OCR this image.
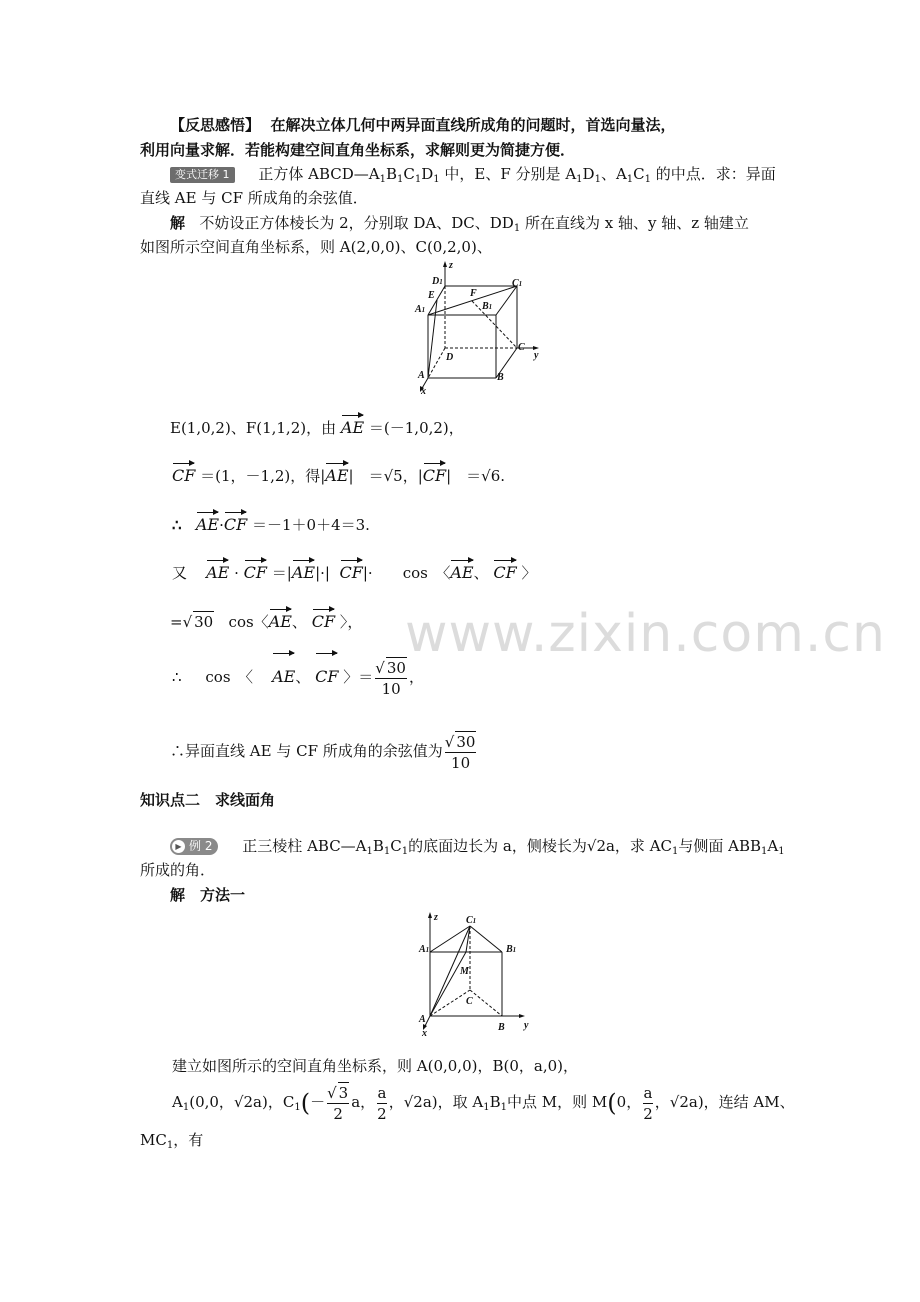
www.zixin.com.cn
【反思感悟】 在解决立体几何中两异面直线所成角的问题时，首选向量法，
利用向量求解．若能构建空间直角坐标系，求解则更为简捷方便．
变式迁移 1 正方体 $ABCD—A_1B_1C_1D_1$ 中，E、F 分别是 $A_1D_1$、$A_1C_1$ 的中点．求：异面
直线 AE 与 CF 所成角的余弦值．
解 不妨设正方体棱长为 2，分别取 DA、DC、$DD_1$ 所在直线为 x 轴、y 轴、z 轴建立
如图所示空间直角坐标系，则 A(2,0,0)、C(0,2,0)、
z
y
x
D1
E
A1
F
B1
C1
D
C
A	B
E(1,0,2)、F(1,1,2)，由 AE ＝(－1,0,2)，
CF ＝(1，－1,2)，得|AE|　＝√5，|CF|　＝√6.
∴ AE·CF ＝－1＋0＋4＝3.
又 AE · CF ＝|AE|·| CF|·　　cos　〈AE、 CF 〉
=√ 30 cos〈AE、 CF 〉，
∴ cos　〈 AE、 CF 〉＝ $\frac{√ 30}{10}$ ，
∴异面直线 AE 与 CF 所成角的余弦值为 $\frac{√ 30}{10}$
知识点二　求线面角
▶ 例 2 正三棱柱 $ABC—A_1B_1C_1$的底面边长为 a，侧棱长为√2a，求 $AC_1$与侧面 $ABB_1A_1$
所成的角．
解　方法一
z
y
x
C1
A1	B1
M
C
A
B
建立如图所示的空间直角坐标系，则 A(0,0,0)，B(0，a,0)，
$A_1(0,0$，√2a)，$C_1(- \frac{√ 3}{2}$ a， $\frac{a}{2}$ ，√2a)，取 $A_1B_1$中点 M，则 M(0， $\frac{a}{2}$ ，√2a)，连结 AM、
$MC_1$，有
